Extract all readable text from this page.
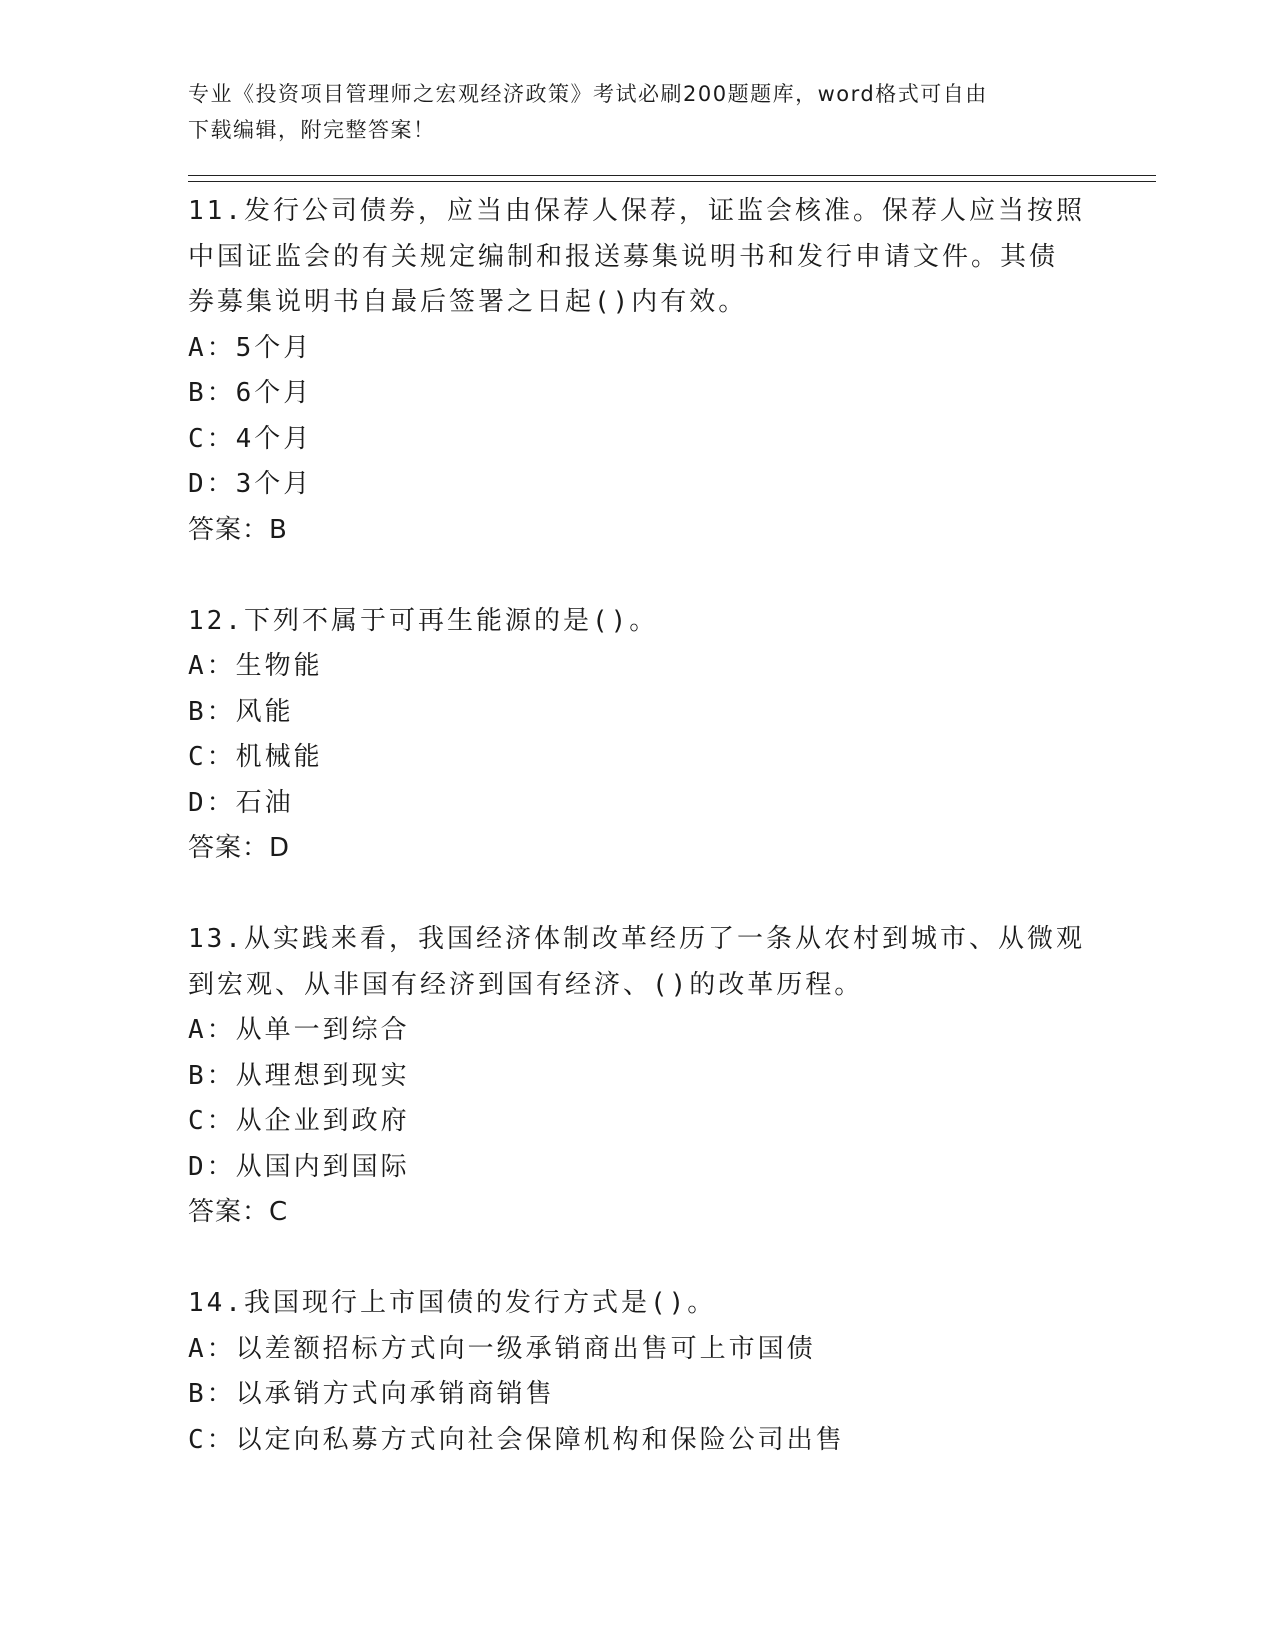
专业《投资项目管理师之宏观经济政策》考试必刷200题题库，word格式可自由
下载编辑，附完整答案！
11.发行公司债券，应当由保荐人保荐，证监会核准。保荐人应当按照
中国证监会的有关规定编制和报送募集说明书和发行申请文件。其债
券募集说明书自最后签署之日起()内有效。
A：5个月
B：6个月
C：4个月
D：3个月
答案：B
12.下列不属于可再生能源的是()。
A：生物能
B：风能
C：机械能
D：石油
答案：D
13.从实践来看，我国经济体制改革经历了一条从农村到城市、从微观
到宏观、从非国有经济到国有经济、()的改革历程。
A：从单一到综合
B：从理想到现实
C：从企业到政府
D：从国内到国际
答案：C
14.我国现行上市国债的发行方式是()。
A：以差额招标方式向一级承销商出售可上市国债
B：以承销方式向承销商销售
C：以定向私募方式向社会保障机构和保险公司出售
